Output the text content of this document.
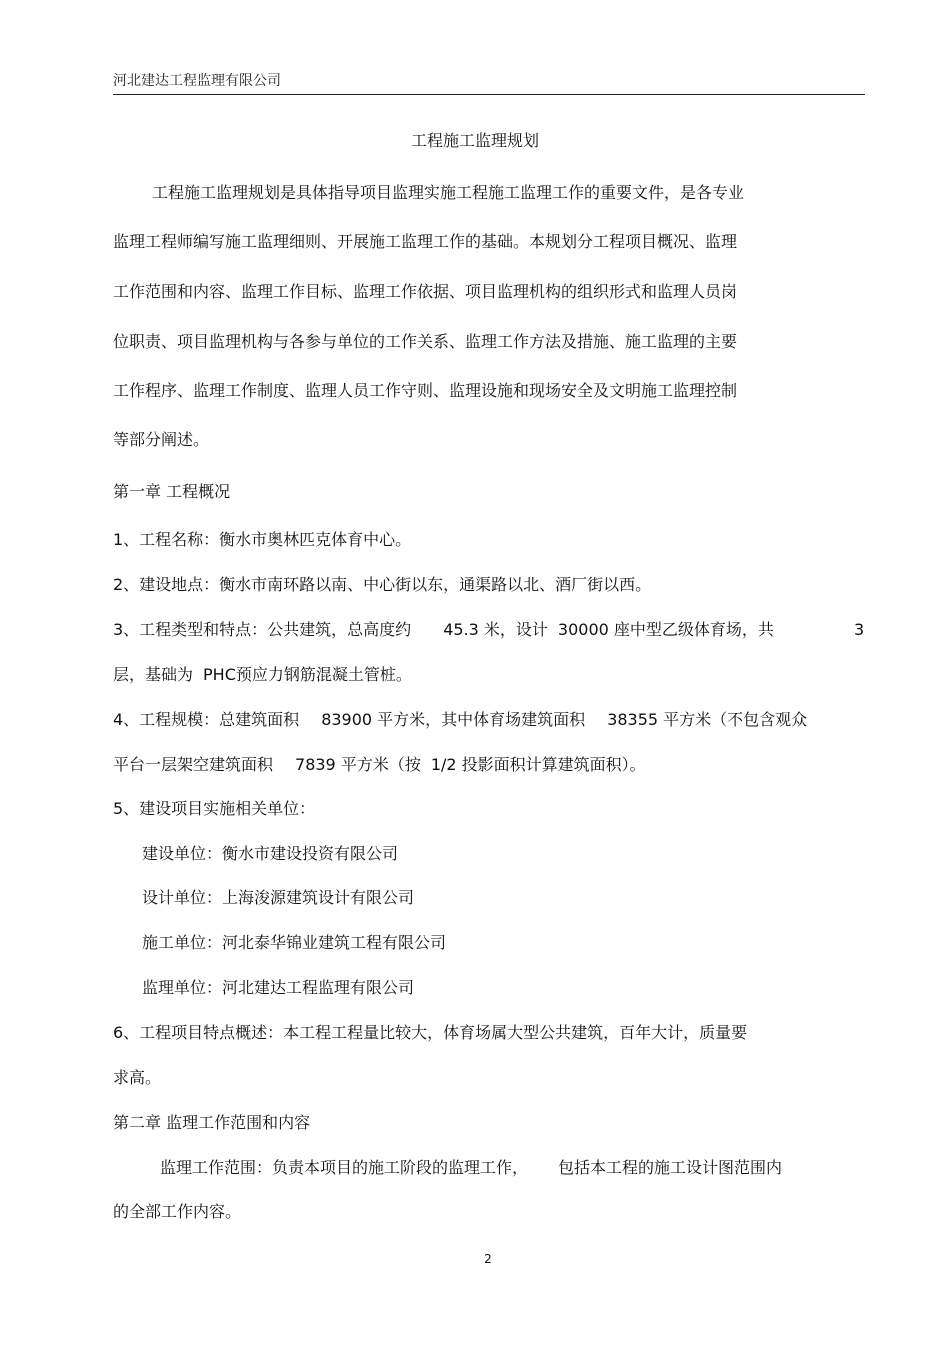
河北建达工程监理有限公司
工程施工监理规划
工程施工监理规划是具体指导项目监理实施工程施工监理工作的重要文件，是各专业
监理工程师编写施工监理细则、开展施工监理工作的基础。本规划分工程项目概况、监理
工作范围和内容、监理工作目标、监理工作依据、项目监理机构的组织形式和监理人员岗
位职责、项目监理机构与各参与单位的工作关系、监理工作方法及措施、施工监理的主要
工作程序、监理工作制度、监理人员工作守则、监理设施和现场安全及文明施工监理控制
等部分阐述。
第一章 工程概况
1、工程名称：衡水市奥林匹克体育中心。
2、建设地点：衡水市南环路以南、中心街以东，通渠路以北、酒厂街以西。
3、工程类型和特点：公共建筑，总高度约 45.3 米，设计 30000 座中型乙级体育场，共	3
层，基础为 PHC预应力钢筋混凝土管桩。
4、工程规模：总建筑面积 83900 平方米，其中体育场建筑面积 38355 平方米（不包含观众
平台一层架空建筑面积 7839 平方米（按 1/2 投影面积计算建筑面积）。
5、建设项目实施相关单位：
建设单位：衡水市建设投资有限公司
设计单位：上海浚源建筑设计有限公司
施工单位：河北泰华锦业建筑工程有限公司
监理单位：河北建达工程监理有限公司
6、工程项目特点概述：本工程工程量比较大，体育场属大型公共建筑，百年大计，质量要
求高。
第二章 监理工作范围和内容
监理工作范围：负责本项目的施工阶段的监理工作， 包括本工程的施工设计图范围内
的全部工作内容。
2
